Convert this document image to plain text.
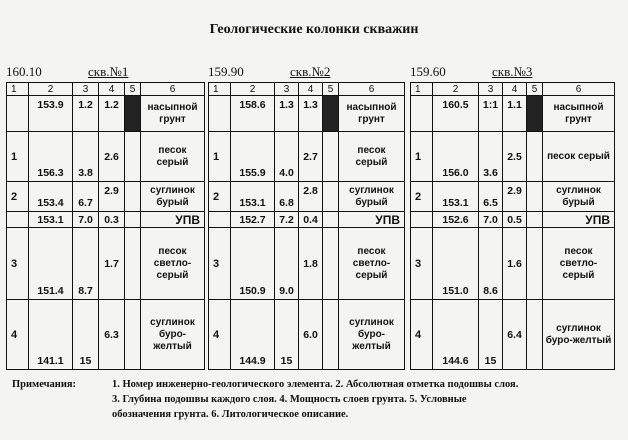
Геологические колонки скважин
160.10	скв.№1
1	2	3	4	5	6
	153.9	1.2	1.2		насыпной грунт
1	156.3	3.8	2.6		песок серый
2	153.4	6.7	2.9		суглинок бурый
	153.1	7.0	0.3		УПВ
3	151.4	8.7	1.7		песок светло-серый
4	141.1	15	6.3		суглинок буро-желтый
159.90	скв.№2
1	2	3	4	5	6
	158.6	1.3	1.3		насыпной грунт
1	155.9	4.0	2.7		песок серый
2	153.1	6.8	2.8		суглинок бурый
	152.7	7.2	0.4		УПВ
3	150.9	9.0	1.8		песок светло-серый
4	144.9	15	6.0		суглинок буро-желтый
159.60	скв.№3
1	2	3	4	5	6
	160.5	1:1	1.1		насыпной грунт
1	156.0	3.6	2.5		песок серый
2	153.1	6.5	2.9		суглинок бурый
	152.6	7.0	0.5		УПВ
3	151.0	8.6	1.6		песок светло-серый
4	144.6	15	6.4		суглинок буро-желтый
Примечания:	1. Номер инженерно-геологического элемента. 2. Абсолютная отметка подошвы слоя.
3. Глубина подошвы каждого слоя. 4. Мощность слоев грунта. 5. Условные
обозначения грунта. 6. Литологическое описание.
